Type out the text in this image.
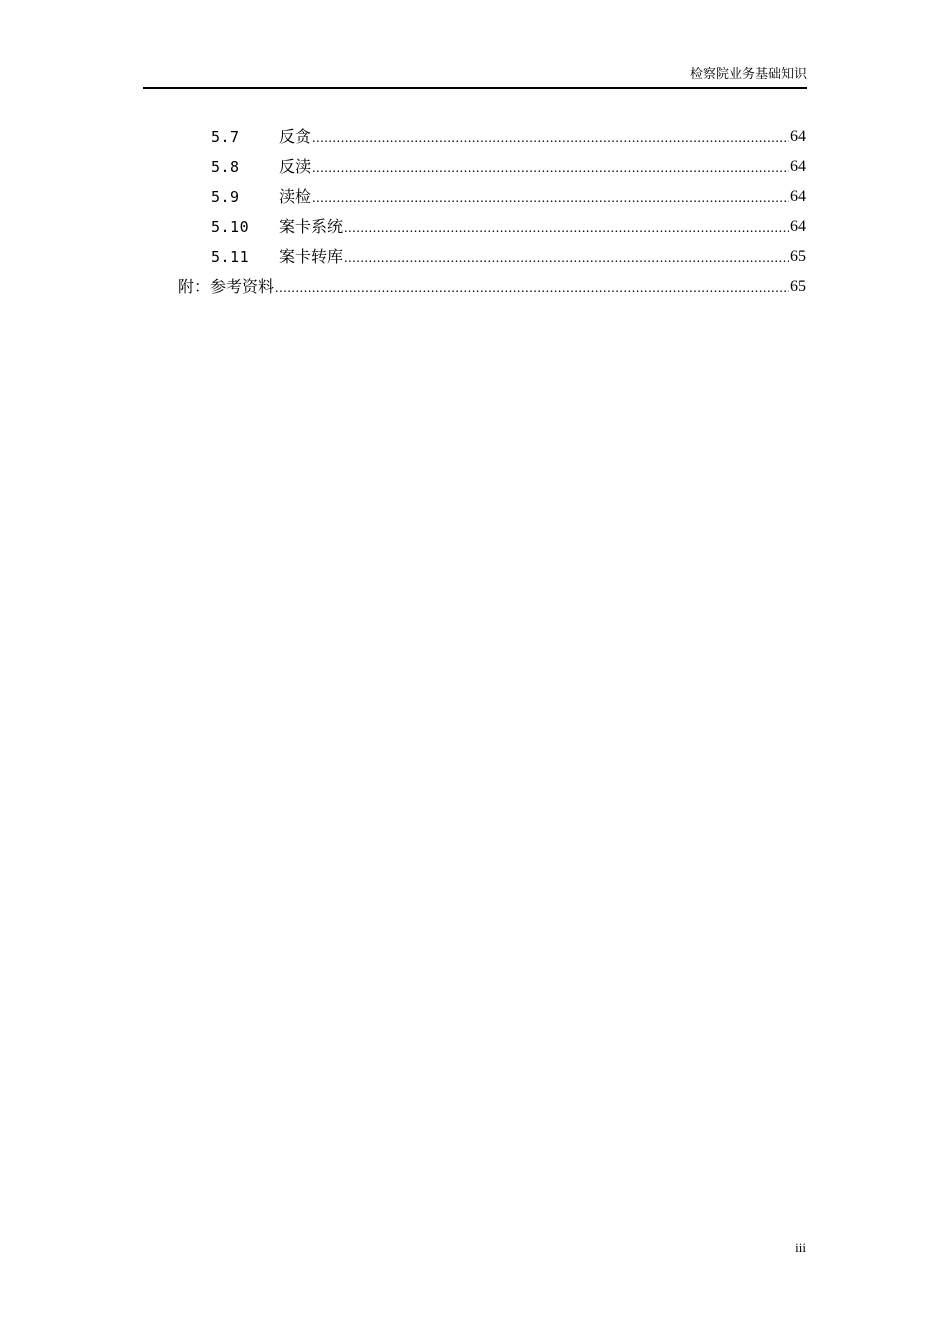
检察院业务基础知识
5.7	反贪 .....	64
5.8	反渎 .....	64
5.9	渎检 .....	64
5.10	案卡系统 .....	64
5.11	案卡转库 .....	65
附：参考资料 .....	65
iii
